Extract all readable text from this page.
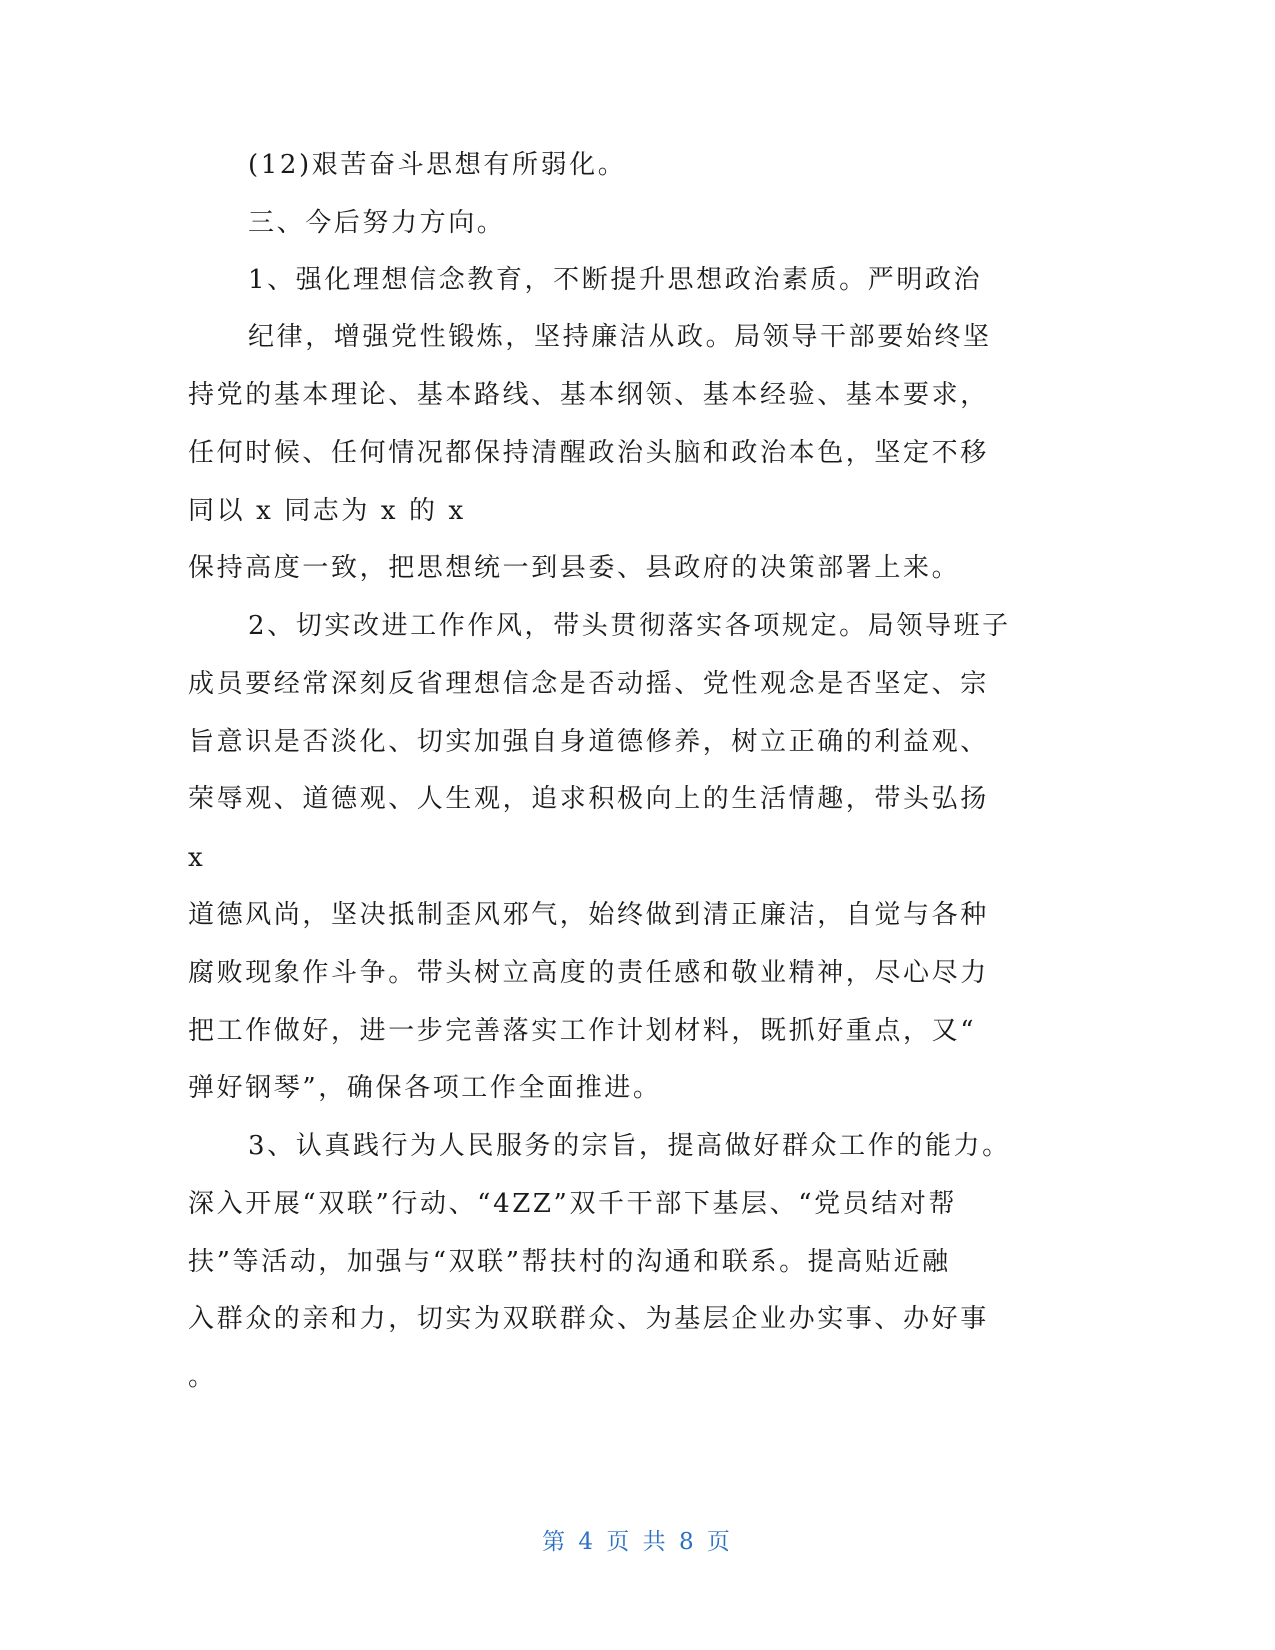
(12)艰苦奋斗思想有所弱化。
三、今后努力方向。
1、强化理想信念教育，不断提升思想政治素质。严明政治
纪律，增强党性锻炼，坚持廉洁从政。局领导干部要始终坚
持党的基本理论、基本路线、基本纲领、基本经验、基本要求，
任何时候、任何情况都保持清醒政治头脑和政治本色，坚定不移
同以 x 同志为 x 的 x
保持高度一致，把思想统一到县委、县政府的决策部署上来。
2、切实改进工作作风，带头贯彻落实各项规定。局领导班子
成员要经常深刻反省理想信念是否动摇、党性观念是否坚定、宗
旨意识是否淡化、切实加强自身道德修养，树立正确的利益观、
荣辱观、道德观、人生观，追求积极向上的生活情趣，带头弘扬
x
道德风尚，坚决抵制歪风邪气，始终做到清正廉洁，自觉与各种
腐败现象作斗争。带头树立高度的责任感和敬业精神，尽心尽力
把工作做好，进一步完善落实工作计划材料，既抓好重点，又“
弹好钢琴”，确保各项工作全面推进。
3、认真践行为人民服务的宗旨，提高做好群众工作的能力。
深入开展“双联”行动、“4ZZ”双千干部下基层、“党员结对帮
扶”等活动，加强与“双联”帮扶村的沟通和联系。提高贴近融
入群众的亲和力，切实为双联群众、为基层企业办实事、办好事
。
第 4 页 共 8 页
